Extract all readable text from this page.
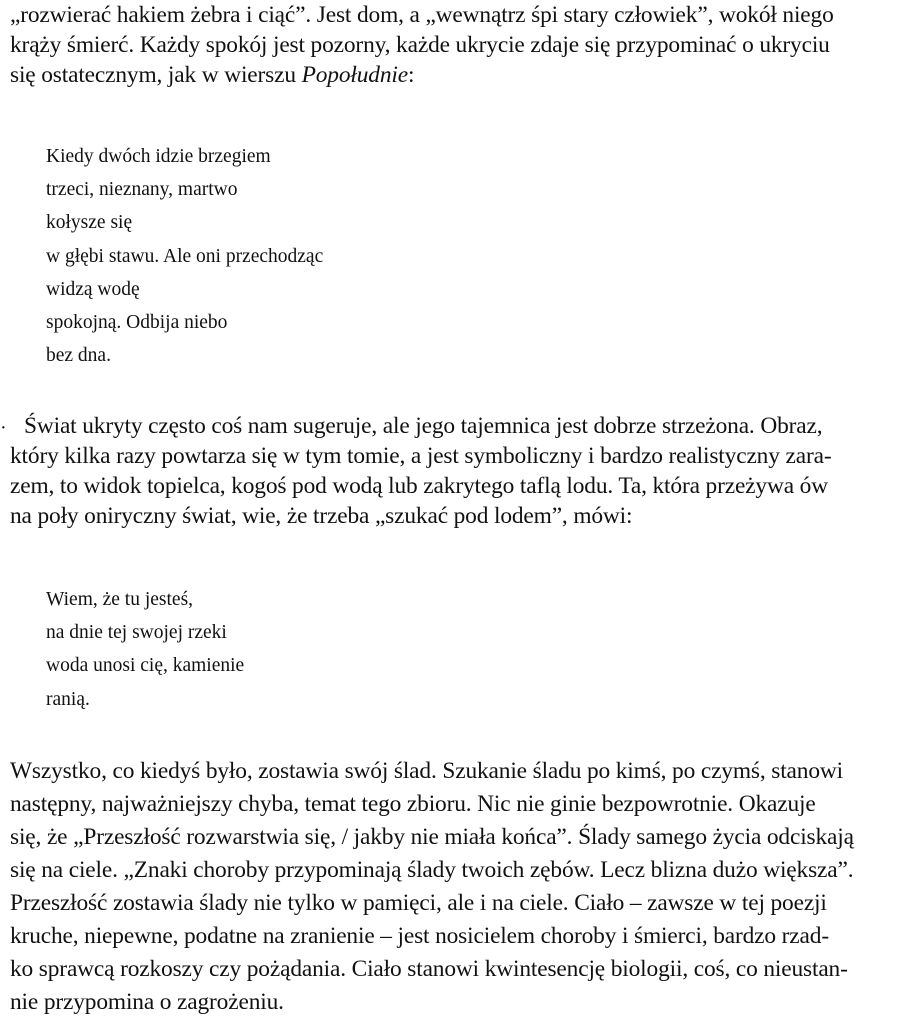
„rozwierać hakiem żebra i ciąć”. Jest dom, a „wewnątrz śpi stary człowiek”, wokół niego krąży śmierć. Każdy spokój jest pozorny, każde ukrycie zdaje się przypominać o ukryciu się ostatecznym, jak w wierszu Popołudnie:
Kiedy dwóch idzie brzegiem
trzeci, nieznany, martwo
kołysze się
w głębi stawu. Ale oni przechodząc
widzą wodę
spokojną. Odbija niebo
bez dna.
· Świat ukryty często coś nam sugeruje, ale jego tajemnica jest dobrze strzeżona. Obraz, który kilka razy powtarza się w tym tomie, a jest symboliczny i bardzo realistyczny zara- zem, to widok topielca, kogoś pod wodą lub zakrytego taflą lodu. Ta, która przeżywa ów na poły oniryczny świat, wie, że trzeba „szukać pod lodem”, mówi:
Wiem, że tu jesteś,
na dnie tej swojej rzeki
woda unosi cię, kamienie
ranią.
Wszystko, co kiedyś było, zostawia swój ślad. Szukanie śladu po kimś, po czymś, stanowi następny, najważniejszy chyba, temat tego zbioru. Nic nie ginie bezpowrotnie. Okazuje się, że „Przeszłość rozwarstwia się, / jakby nie miała końca”. Ślady samego życia odciskają się na ciele. „Znaki choroby przypominają ślady twoich zębów. Lecz blizna dużo większa”. Przeszłość zostawia ślady nie tylko w pamięci, ale i na ciele. Ciało – zawsze w tej poezji kruche, niepewne, podatne na zranienie – jest nosicielem choroby i śmierci, bardzo rzad- ko sprawcą rozkoszy czy pożądania. Ciało stanowi kwintesencję biologii, coś, co nieustan- nie przypomina o zagrożeniu.
